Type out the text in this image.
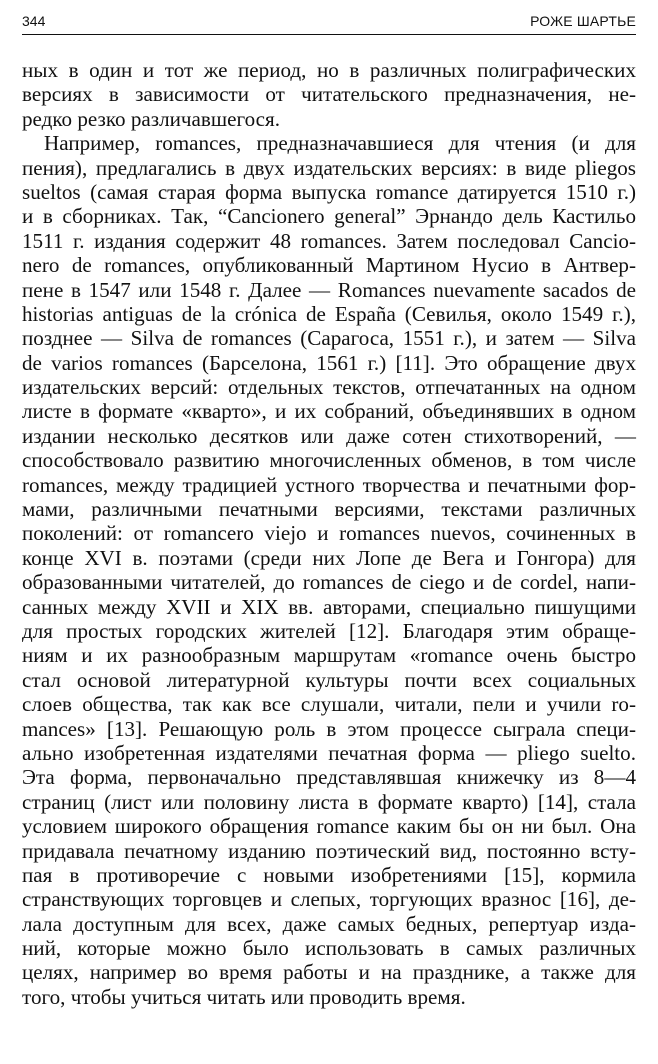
344	РОЖЕ ШАРТЬЕ
ных в один и тот же период, но в различных полиграфических
версиях в зависимости от читательского предназначения, не-
редко резко различавшегося.
Например, romances, предназначавшиеся для чтения (и для
пения), предлагались в двух издательских версиях: в виде pliegos
sueltos (самая старая форма выпуска romance датируется 1510 г.)
и в сборниках. Так, “Cancionero general” Эрнандо дель Кастильо
1511 г. издания содержит 48 romances. Затем последовал Cancio-
nero de romances, опубликованный Мартином Нусио в Антвер-
пене в 1547 или 1548 г. Далее — Romances nuevamente sacados de
historias antiguas de la crónica de España (Севилья, около 1549 г.),
позднее — Silva de romances (Сарагоса, 1551 г.), и затем — Silva
de varios romances (Барселона, 1561 г.) [11]. Это обращение двух
издательских версий: отдельных текстов, отпечатанных на одном
листе в формате «кварто», и их собраний, объединявших в одном
издании несколько десятков или даже сотен стихотворений, —
способствовало развитию многочисленных обменов, в том числе
romances, между традицией устного творчества и печатными фор-
мами, различными печатными версиями, текстами различных
поколений: от romancero viejo и romances nuevos, сочиненных в
конце XVI в. поэтами (среди них Лопе де Вега и Гонгора) для
образованными читателей, до romances de ciego и de cordel, напи-
санных между XVII и XIX вв. авторами, специально пишущими
для простых городских жителей [12]. Благодаря этим обраще-
ниям и их разнообразным маршрутам «romance очень быстро
стал основой литературной культуры почти всех социальных
слоев общества, так как все слушали, читали, пели и учили ro-
mances» [13]. Решающую роль в этом процессе сыграла специ-
ально изобретенная издателями печатная форма — pliego suelto.
Эта форма, первоначально представлявшая книжечку из 8—4
страниц (лист или половину листа в формате кварто) [14], стала
условием широкого обращения romance каким бы он ни был. Она
придавала печатному изданию поэтический вид, постоянно всту-
пая в противоречие с новыми изобретениями [15], кормила
странствующих торговцев и слепых, торгующих вразнос [16], де-
лала доступным для всех, даже самых бедных, репертуар изда-
ний, которые можно было использовать в самых различных
целях, например во время работы и на празднике, а также для
того, чтобы учиться читать или проводить время.
